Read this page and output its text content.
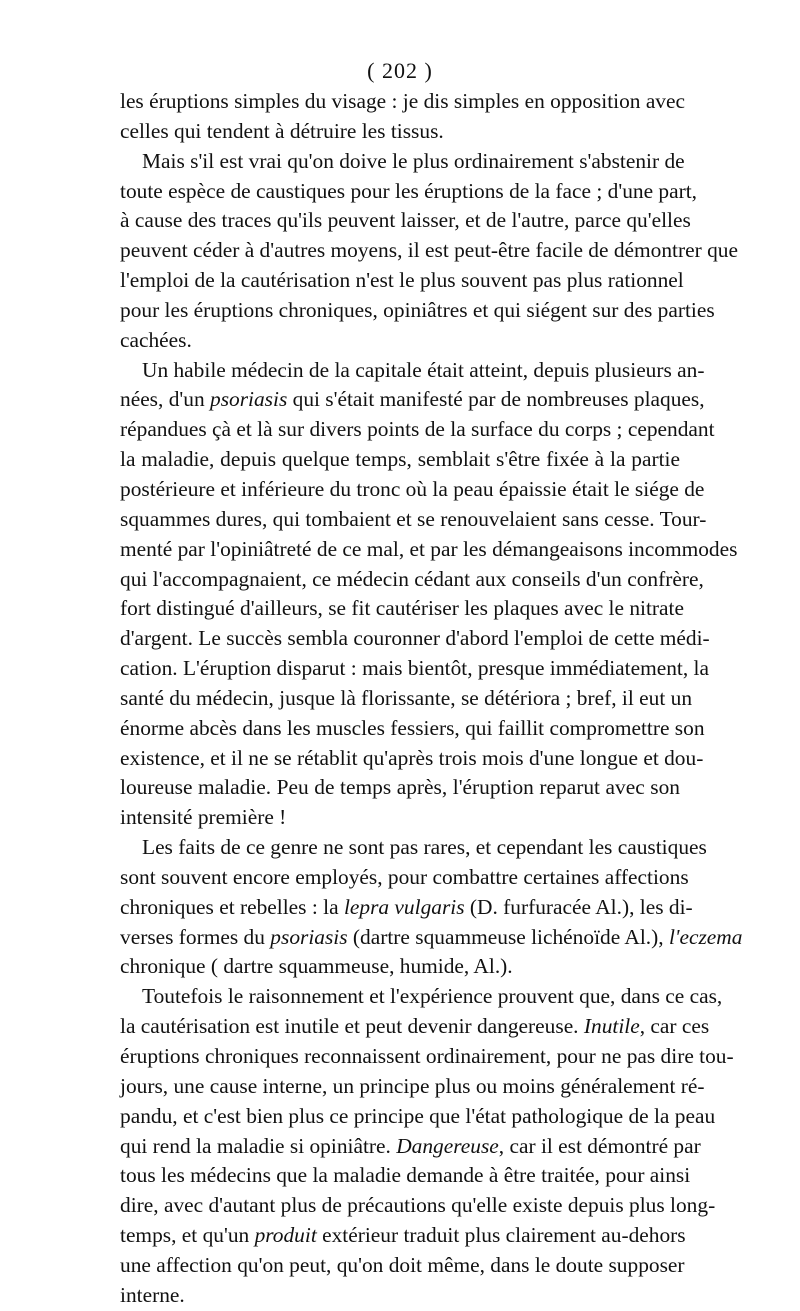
( 202 )

les éruptions simples du visage : je dis simples en opposition avec
celles qui tendent à détruire les tissus.

Mais s'il est vrai qu'on doive le plus ordinairement s'abstenir de
toute espèce de caustiques pour les éruptions de la face ; d'une part,
à cause des traces qu'ils peuvent laisser, et de l'autre, parce qu'elles
peuvent céder à d'autres moyens, il est peut-être facile de démontrer que
l'emploi de la cautérisation n'est le plus souvent pas plus rationnel
pour les éruptions chroniques, opiniâtres et qui siégent sur des parties
cachées.

Un habile médecin de la capitale était atteint, depuis plusieurs an-
nées, d'un psoriasis qui s'était manifesté par de nombreuses plaques,
répandues çà et là sur divers points de la surface du corps ; cependant
la maladie, depuis quelque temps, semblait s'être fixée à la partie
postérieure et inférieure du tronc où la peau épaissie était le siége de
squammes dures, qui tombaient et se renouvelaient sans cesse. Tour-
menté par l'opiniâtreté de ce mal, et par les démangeaisons incommodes
qui l'accompagnaient, ce médecin cédant aux conseils d'un confrère,
fort distingué d'ailleurs, se fit cautériser les plaques avec le nitrate
d'argent. Le succès sembla couronner d'abord l'emploi de cette médi-
cation. L'éruption disparut : mais bientôt, presque immédiatement, la
santé du médecin, jusque là florissante, se détériora ; bref, il eut un
énorme abcès dans les muscles fessiers, qui faillit compromettre son
existence, et il ne se rétablit qu'après trois mois d'une longue et dou-
loureuse maladie. Peu de temps après, l'éruption reparut avec son
intensité première !

Les faits de ce genre ne sont pas rares, et cependant les caustiques
sont souvent encore employés, pour combattre certaines affections
chroniques et rebelles : la lepra vulgaris (D. furfuracée Al.), les di-
verses formes du psoriasis (dartre squammeuse lichénoïde Al.), l'eczema
chronique ( dartre squammeuse, humide, Al.).

Toutefois le raisonnement et l'expérience prouvent que, dans ce cas,
la cautérisation est inutile et peut devenir dangereuse. Inutile, car ces
éruptions chroniques reconnaissent ordinairement, pour ne pas dire tou-
jours, une cause interne, un principe plus ou moins généralement ré-
pandu, et c'est bien plus ce principe que l'état pathologique de la peau
qui rend la maladie si opiniâtre. Dangereuse, car il est démontré par
tous les médecins que la maladie demande à être traitée, pour ainsi
dire, avec d'autant plus de précautions qu'elle existe depuis plus long-
temps, et qu'un produit extérieur traduit plus clairement au-dehors
une affection qu'on peut, qu'on doit même, dans le doute supposer
interne.
